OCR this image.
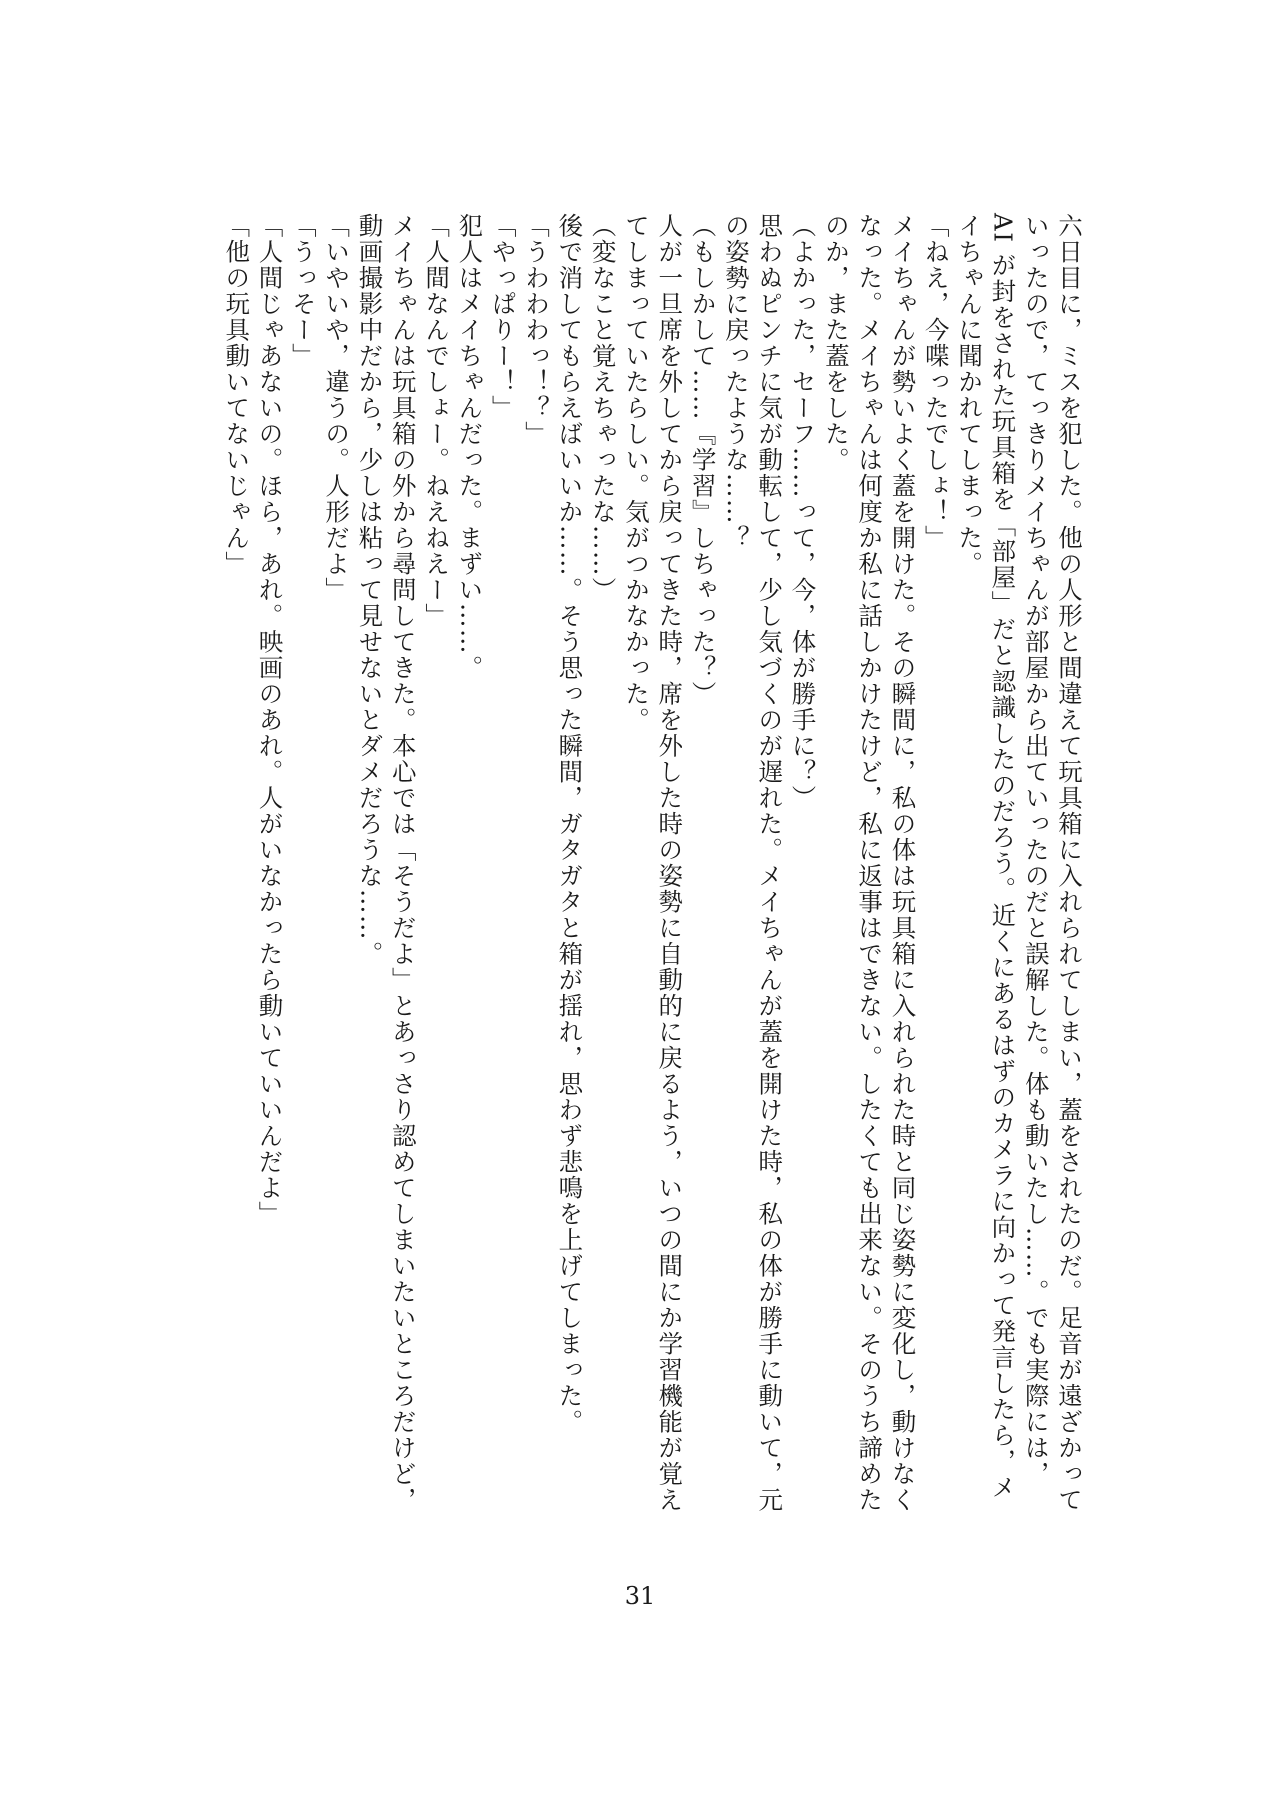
六日目に，ミスを犯した。他の人形と間違えて玩具箱に入れられてしまい，蓋をされたのだ。足音が遠ざかっていったので，てっきりメイちゃんが部屋から出ていったのだと誤解した。体も動いたし……。でも実際には，AI が封をされた玩具箱を「部屋」だと認識したのだろう。近くにあるはずのカメラに向かって発言したら，メイちゃんに聞かれてしまった。

「ねえ，今喋ったでしょ！」

メイちゃんが勢いよく蓋を開けた。その瞬間に，私の体は玩具箱に入れられた時と同じ姿勢に変化し，動けなくなった。メイちゃんは何度か私に話しかけたけど，私に返事はできない。したくても出来ない。そのうち諦めたのか，また蓋をした。

（よかった，セーフ……って，今，体が勝手に？）

思わぬピンチに気が動転して，少し気づくのが遅れた。メイちゃんが蓋を開けた時，私の体が勝手に動いて，元の姿勢に戻ったような……？

（もしかして……『学習』しちゃった？）

人が一旦席を外してから戻ってきた時，席を外した時の姿勢に自動的に戻るよう，いつの間にか学習機能が覚えてしまっていたらしい。気がつかなかった。

（変なこと覚えちゃったな……）

後で消してもらえばいいか……。そう思った瞬間，ガタガタと箱が揺れ，思わず悲鳴を上げてしまった。

「うわわわっ！？」

「やっぱりー！」

犯人はメイちゃんだった。まずい……。

「人間なんでしょー。ねえねえー」

メイちゃんは玩具箱の外から尋問してきた。本心では「そうだよ」とあっさり認めてしまいたいところだけど，動画撮影中だから，少しは粘って見せないとダメだろうな……。

「いやいや，違うの。人形だよ」

「うっそー」

「人間じゃあないの。ほら，あれ。映画のあれ。人がいなかったら動いていいんだよ」

「他の玩具動いてないじゃん」

31
